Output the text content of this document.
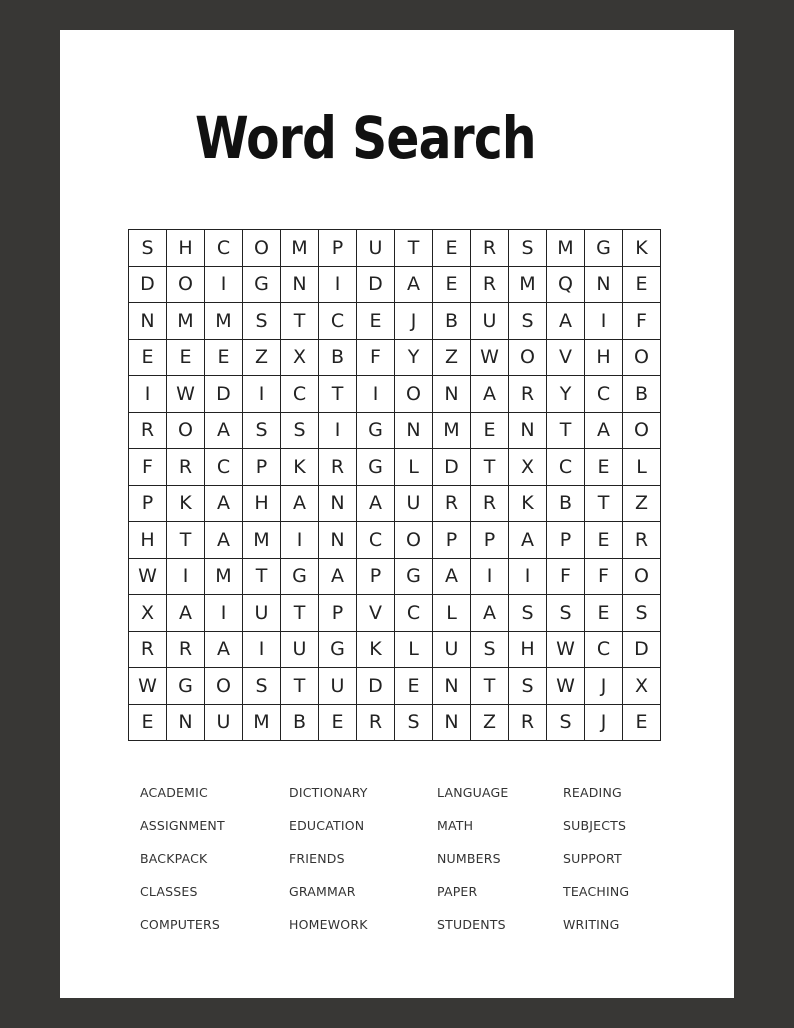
Word Search
S	H	C	O	M	P	U	T	E	R	S	M	G	K
D	O	I	G	N	I	D	A	E	R	M	Q	N	E
N	M	M	S	T	C	E	J	B	U	S	A	I	F
E	E	E	Z	X	B	F	Y	Z	W	O	V	H	O
I	W	D	I	C	T	I	O	N	A	R	Y	C	B
R	O	A	S	S	I	G	N	M	E	N	T	A	O
F	R	C	P	K	R	G	L	D	T	X	C	E	L
P	K	A	H	A	N	A	U	R	R	K	B	T	Z
H	T	A	M	I	N	C	O	P	P	A	P	E	R
W	I	M	T	G	A	P	G	A	I	I	F	F	O
X	A	I	U	T	P	V	C	L	A	S	S	E	S
R	R	A	I	U	G	K	L	U	S	H	W	C	D
W	G	O	S	T	U	D	E	N	T	S	W	J	X
E	N	U	M	B	E	R	S	N	Z	R	S	J	E
ACADEMIC
ASSIGNMENT
BACKPACK
CLASSES
COMPUTERS
DICTIONARY
EDUCATION
FRIENDS
GRAMMAR
HOMEWORK
LANGUAGE
MATH
NUMBERS
PAPER
STUDENTS
READING
SUBJECTS
SUPPORT
TEACHING
WRITING
